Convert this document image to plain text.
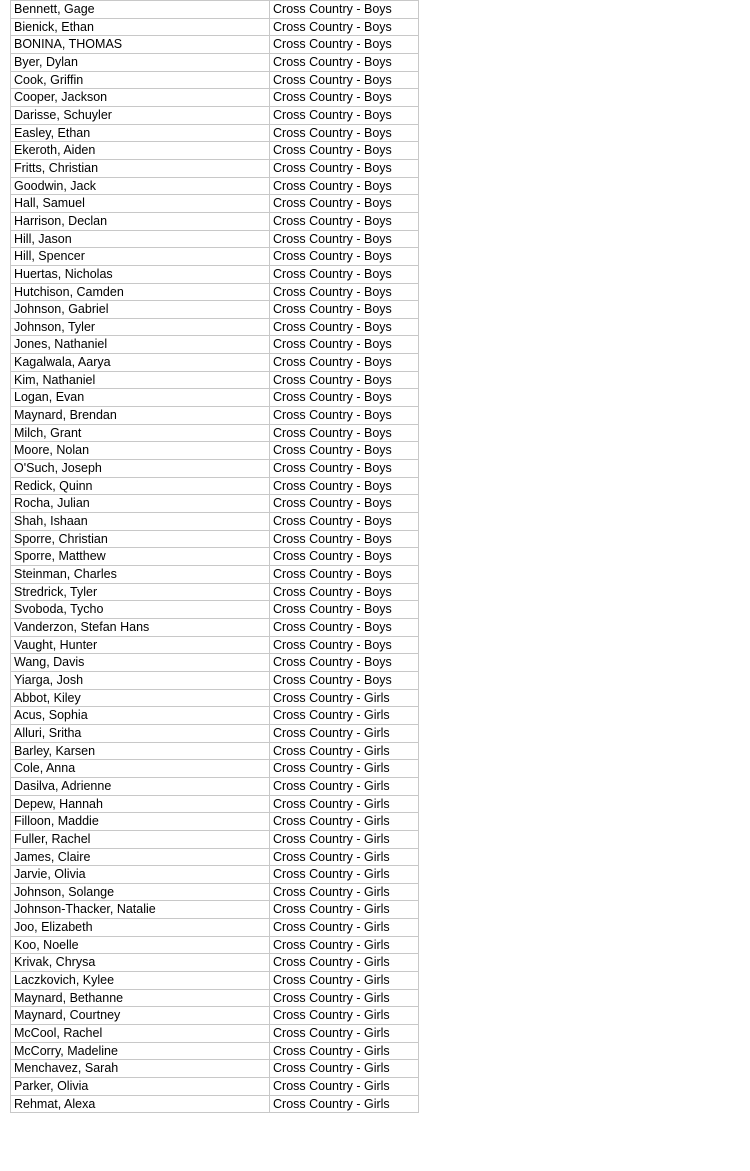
Bennett, Gage	Cross Country - Boys
Bienick, Ethan	Cross Country - Boys
BONINA, THOMAS	Cross Country - Boys
Byer, Dylan	Cross Country - Boys
Cook, Griffin	Cross Country - Boys
Cooper, Jackson	Cross Country - Boys
Darisse, Schuyler	Cross Country - Boys
Easley, Ethan	Cross Country - Boys
Ekeroth, Aiden	Cross Country - Boys
Fritts, Christian	Cross Country - Boys
Goodwin, Jack	Cross Country - Boys
Hall, Samuel	Cross Country - Boys
Harrison, Declan	Cross Country - Boys
Hill, Jason	Cross Country - Boys
Hill, Spencer	Cross Country - Boys
Huertas, Nicholas	Cross Country - Boys
Hutchison, Camden	Cross Country - Boys
Johnson, Gabriel	Cross Country - Boys
Johnson, Tyler	Cross Country - Boys
Jones, Nathaniel	Cross Country - Boys
Kagalwala, Aarya	Cross Country - Boys
Kim, Nathaniel	Cross Country - Boys
Logan, Evan	Cross Country - Boys
Maynard, Brendan	Cross Country - Boys
Milch, Grant	Cross Country - Boys
Moore, Nolan	Cross Country - Boys
O'Such, Joseph	Cross Country - Boys
Redick, Quinn	Cross Country - Boys
Rocha, Julian	Cross Country - Boys
Shah, Ishaan	Cross Country - Boys
Sporre, Christian	Cross Country - Boys
Sporre, Matthew	Cross Country - Boys
Steinman, Charles	Cross Country - Boys
Stredrick, Tyler	Cross Country - Boys
Svoboda, Tycho	Cross Country - Boys
Vanderzon, Stefan Hans	Cross Country - Boys
Vaught, Hunter	Cross Country - Boys
Wang, Davis	Cross Country - Boys
Yiarga, Josh	Cross Country - Boys
Abbot, Kiley	Cross Country - Girls
Acus, Sophia	Cross Country - Girls
Alluri, Sritha	Cross Country - Girls
Barley, Karsen	Cross Country - Girls
Cole, Anna	Cross Country - Girls
Dasilva, Adrienne	Cross Country - Girls
Depew, Hannah	Cross Country - Girls
Filloon, Maddie	Cross Country - Girls
Fuller, Rachel	Cross Country - Girls
James, Claire	Cross Country - Girls
Jarvie, Olivia	Cross Country - Girls
Johnson, Solange	Cross Country - Girls
Johnson-Thacker, Natalie	Cross Country - Girls
Joo, Elizabeth	Cross Country - Girls
Koo, Noelle	Cross Country - Girls
Krivak, Chrysa	Cross Country - Girls
Laczkovich, Kylee	Cross Country - Girls
Maynard, Bethanne	Cross Country - Girls
Maynard, Courtney	Cross Country - Girls
McCool, Rachel	Cross Country - Girls
McCorry, Madeline	Cross Country - Girls
Menchavez, Sarah	Cross Country - Girls
Parker, Olivia	Cross Country - Girls
Rehmat, Alexa	Cross Country - Girls
